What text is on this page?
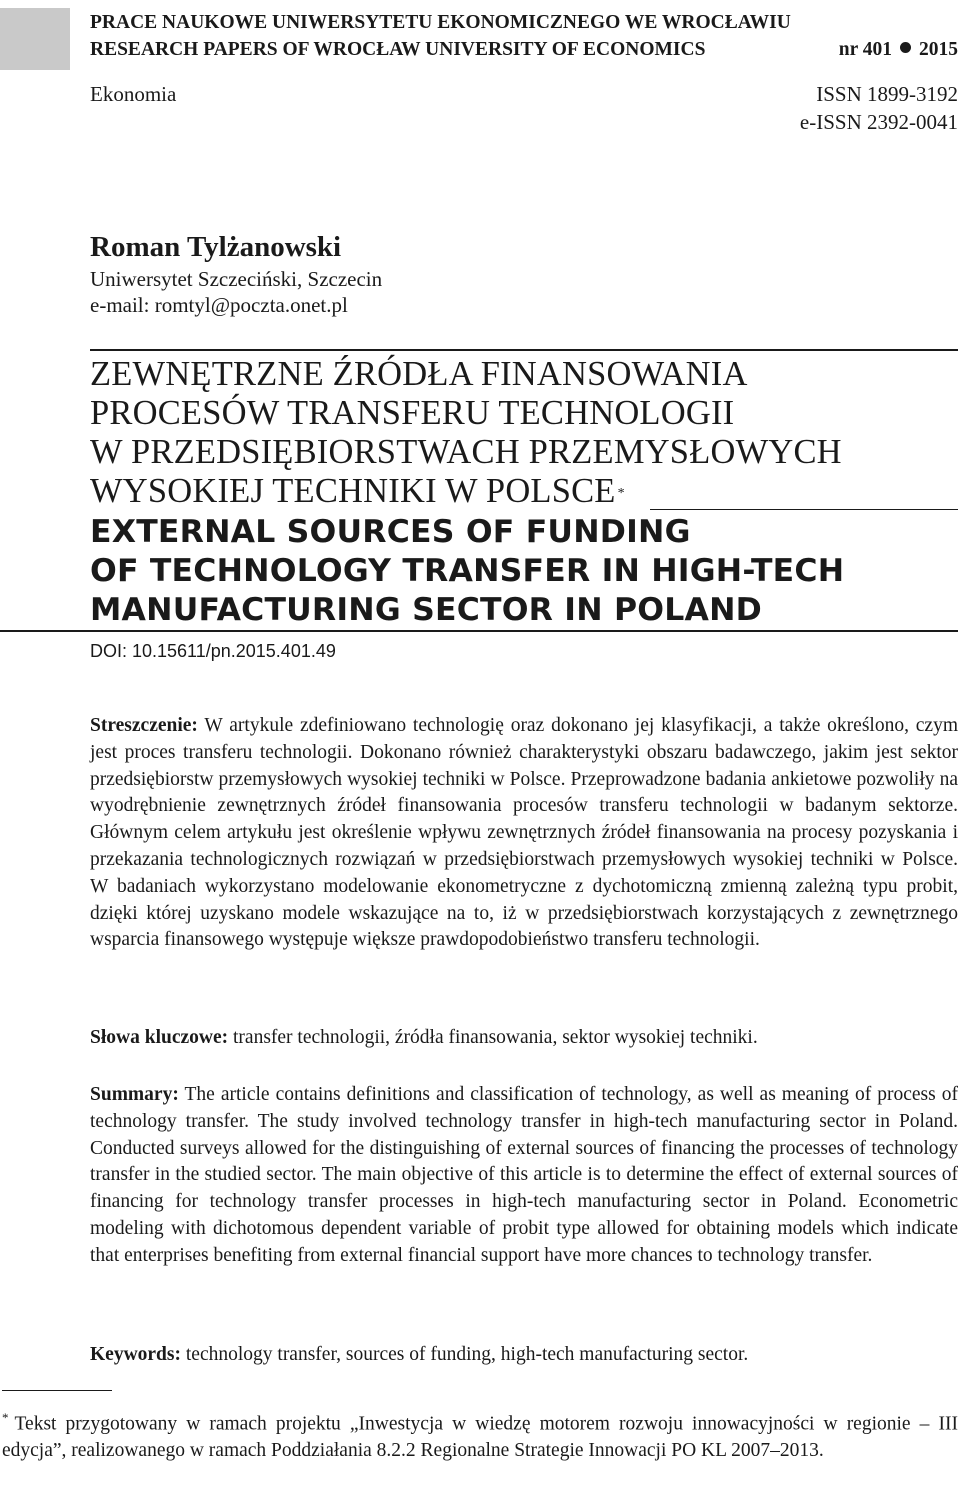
PRACE NAUKOWE UNIWERSYTETU EKONOMICZNEGO WE WROCŁAWIU
RESEARCH PAPERS OF WROCŁAW UNIVERSITY OF ECONOMICS	nr 401 2015
Ekonomia	ISSN 1899-3192
e-ISSN 2392-0041
Roman Tylżanowski
Uniwersytet Szczeciński, Szczecin
e-mail: romtyl@poczta.onet.pl
ZEWNĘTRZNE ŹRÓDŁA FINANSOWANIA
PROCESÓW TRANSFERU TECHNOLOGII
W PRZEDSIĘBIORSTWACH PRZEMYSŁOWYCH
WYSOKIEJ TECHNIKI W POLSCE *
EXTERNAL SOURCES OF FUNDING
OF TECHNOLOGY TRANSFER IN HIGH-TECH
MANUFACTURING SECTOR IN POLAND
DOI: 10.15611/pn.2015.401.49
Streszczenie: W artykule zdefiniowano technologię oraz dokonano jej klasyfikacji, a także określono, czym jest proces transferu technologii. Dokonano również charakterystyki obszaru badawczego, jakim jest sektor przedsiębiorstw przemysłowych wysokiej techniki w Polsce. Przeprowadzone badania ankietowe pozwoliły na wyodrębnienie zewnętrznych źródeł finansowania procesów transferu technologii w badanym sektorze. Głównym celem artykułu jest określenie wpływu zewnętrznych źródeł finansowania na procesy pozyskania i przekazania technologicznych rozwiązań w przedsiębiorstwach przemysłowych wysokiej techniki w Polsce. W badaniach wykorzystano modelowanie ekonometryczne z dychotomiczną zmienną zależną typu probit, dzięki której uzyskano modele wskazujące na to, iż w przedsiębiorstwach korzystających z zewnętrznego wsparcia finansowego występuje większe prawdopodobieństwo transferu technologii.
Słowa kluczowe: transfer technologii, źródła finansowania, sektor wysokiej techniki.
Summary: The article contains definitions and classification of technology, as well as meaning of process of technology transfer. The study involved technology transfer in high-tech manufacturing sector in Poland. Conducted surveys allowed for the distinguishing of external sources of financing the processes of technology transfer in the studied sector. The main objective of this article is to determine the effect of external sources of financing for technology transfer processes in high-tech manufacturing sector in Poland. Econometric modeling with dichotomous dependent variable of probit type allowed for obtaining models which indicate that enterprises benefiting from external financial support have more chances to technology transfer.
Keywords: technology transfer, sources of funding, high-tech manufacturing sector.
* Tekst przygotowany w ramach projektu „Inwestycja w wiedzę motorem rozwoju innowacyjności w regionie – III edycja”, realizowanego w ramach Poddziałania 8.2.2 Regionalne Strategie Innowacji PO KL 2007–2013.
